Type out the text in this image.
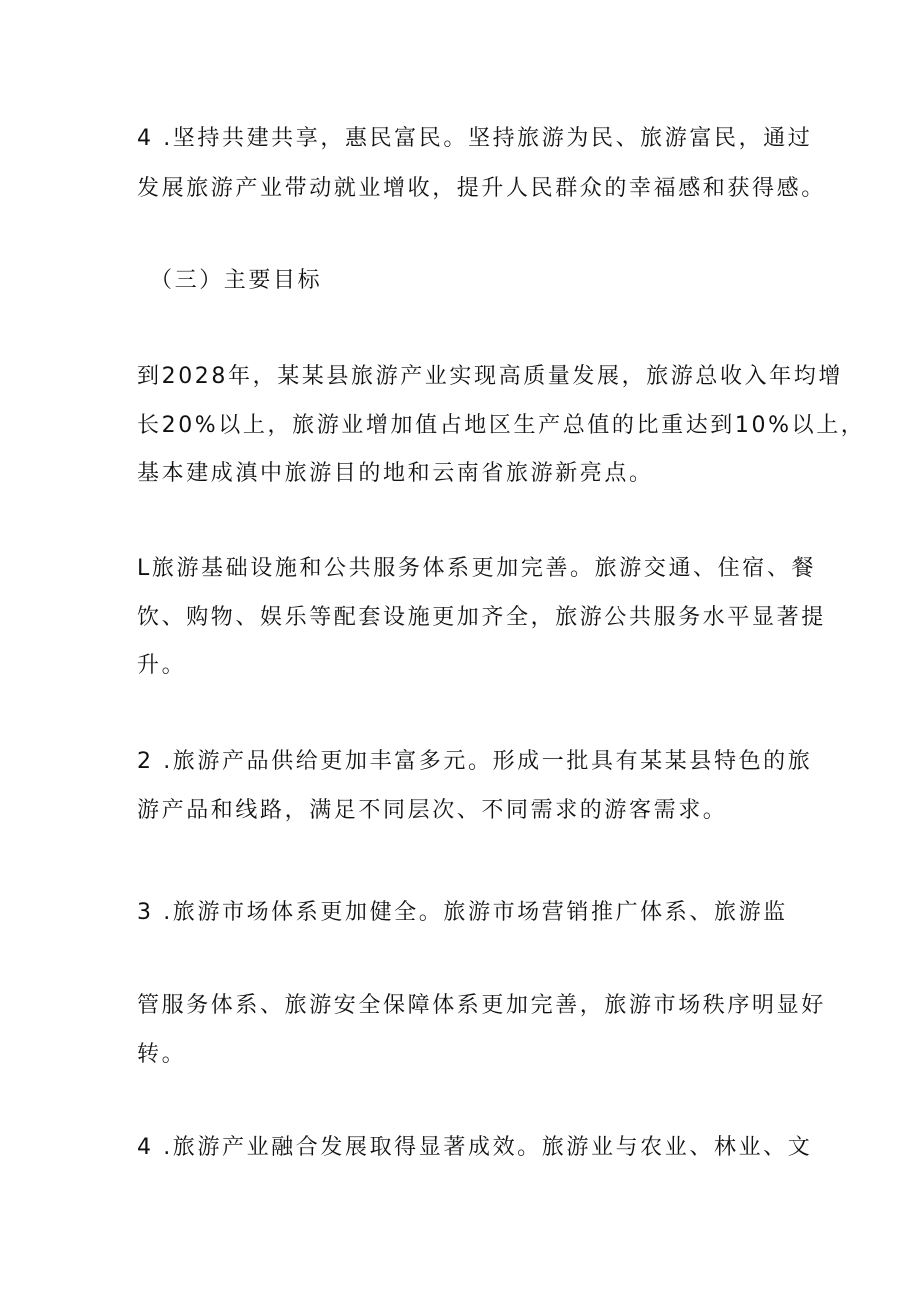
4 .坚持共建共享，惠民富民。坚持旅游为民、旅游富民，通过

发展旅游产业带动就业增收，提升人民群众的幸福感和获得感。

（三）主要目标

到2028年，某某县旅游产业实现高质量发展，旅游总收入年均增

长20%以上，旅游业增加值占地区生产总值的比重达到10%以上，

基本建成滇中旅游目的地和云南省旅游新亮点。

L旅游基础设施和公共服务体系更加完善。旅游交通、住宿、餐

饮、购物、娱乐等配套设施更加齐全，旅游公共服务水平显著提

升。

2 .旅游产品供给更加丰富多元。形成一批具有某某县特色的旅

游产品和线路，满足不同层次、不同需求的游客需求。

3 .旅游市场体系更加健全。旅游市场营销推广体系、旅游监

管服务体系、旅游安全保障体系更加完善，旅游市场秩序明显好

转。

4 .旅游产业融合发展取得显著成效。旅游业与农业、林业、文
